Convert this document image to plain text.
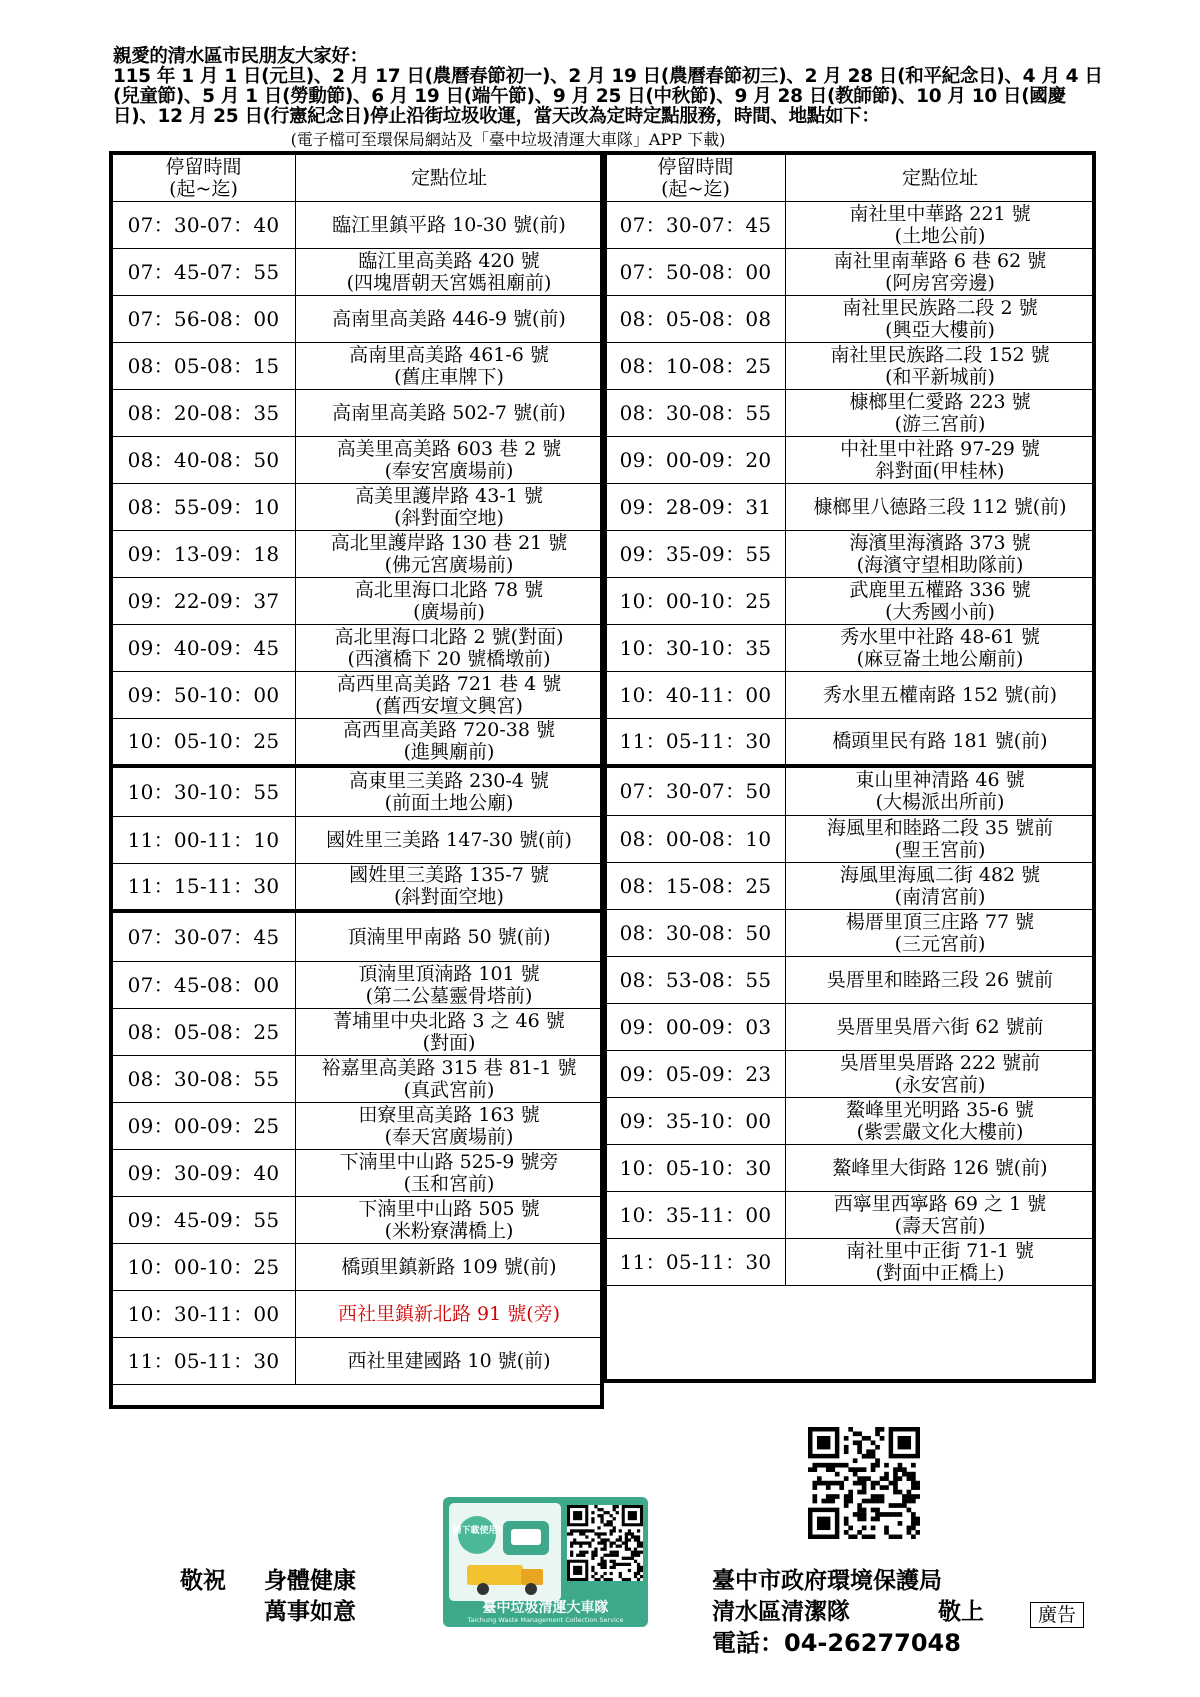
親愛的清水區市民朋友大家好：

115 年 1 月 1 日(元旦)、2 月 17 日(農曆春節初一)、2 月 19 日(農曆春節初三)、2 月 28 日(和平紀念日)、4 月 4 日(兒童節)、5 月 1 日(勞動節)、6 月 19 日(端午節)、9 月 25 日(中秋節)、9 月 28 日(教師節)、10 月 10 日(國慶日)、12 月 25 日(行憲紀念日)停止沿街垃圾收運，當天改為定時定點服務，時間、地點如下：

(電子檔可至環保局網站及「臺中垃圾清運大車隊」APP 下載)
停留時間
(起~迄)	定點位址
07：30-07：40	臨江里鎮平路 10-30 號(前)

07：45-07：55	臨江里高美路 420 號
(四塊厝朝天宮媽祖廟前)

07：56-08：00	高南里高美路 446-9 號(前)

08：05-08：15	高南里高美路 461-6 號
(舊庄車牌下)

08：20-08：35	高南里高美路 502-7 號(前)

08：40-08：50	高美里高美路 603 巷 2 號
(奉安宮廣場前)

08：55-09：10	高美里護岸路 43-1 號
(斜對面空地)

09：13-09：18	高北里護岸路 130 巷 21 號
(佛元宮廣場前)

09：22-09：37	高北里海口北路 78 號
(廣場前)

09：40-09：45	高北里海口北路 2 號(對面)
(西濱橋下 20 號橋墩前)

09：50-10：00	高西里高美路 721 巷 4 號
(舊西安壇文興宮)

10：05-10：25	高西里高美路 720-38 號
(進興廟前)

10：30-10：55	高東里三美路 230-4 號
(前面土地公廟)

11：00-11：10	國姓里三美路 147-30 號(前)

11：15-11：30	國姓里三美路 135-7 號
(斜對面空地)

07：30-07：45	頂湳里甲南路 50 號(前)

07：45-08：00	頂湳里頂湳路 101 號
(第二公墓靈骨塔前)

08：05-08：25	菁埔里中央北路 3 之 46 號
(對面)

08：30-08：55	裕嘉里高美路 315 巷 81-1 號
(真武宮前)

09：00-09：25	田寮里高美路 163 號
(奉天宮廣場前)

09：30-09：40	下湳里中山路 525-9 號旁
(玉和宮前)

09：45-09：55	下湳里中山路 505 號
(米粉寮溝橋上)

10：00-10：25	橋頭里鎮新路 109 號(前)

10：30-11：00	西社里鎮新北路 91 號(旁)

11：05-11：30	西社里建國路 10 號(前)
停留時間
(起~迄)	定點位址
07：30-07：45	南社里中華路 221 號
(土地公前)

07：50-08：00	南社里南華路 6 巷 62 號
(阿房宮旁邊)

08：05-08：08	南社里民族路二段 2 號
(興亞大樓前)

08：10-08：25	南社里民族路二段 152 號
(和平新城前)

08：30-08：55	槺榔里仁愛路 223 號
(游三宮前)

09：00-09：20	中社里中社路 97-29 號
斜對面(甲桂林)

09：28-09：31	槺榔里八德路三段 112 號(前)

09：35-09：55	海濱里海濱路 373 號
(海濱守望相助隊前)

10：00-10：25	武鹿里五權路 336 號
(大秀國小前)

10：30-10：35	秀水里中社路 48-61 號
(麻豆崙土地公廟前)

10：40-11：00	秀水里五權南路 152 號(前)

11：05-11：30	橋頭里民有路 181 號(前)

07：30-07：50	東山里神清路 46 號
(大楊派出所前)

08：00-08：10	海風里和睦路二段 35 號前
(聖王宮前)

08：15-08：25	海風里海風二街 482 號
(南清宮前)

08：30-08：50	楊厝里頂三庄路 77 號
(三元宮前)

08：53-08：55	吳厝里和睦路三段 26 號前

09：00-09：03	吳厝里吳厝六街 62 號前

09：05-09：23	吳厝里吳厝路 222 號前
(永安宮前)

09：35-10：00	鰲峰里光明路 35-6 號
(紫雲嚴文化大樓前)

10：05-10：30	鰲峰里大街路 126 號(前)

10：35-11：00	西寧里西寧路 69 之 1 號
(壽天宮前)

11：05-11：30	南社里中正街 71-1 號
(對面中正橋上)
請下載使用!
臺中垃圾清運大車隊
Taichung Waste Management Collection Service
敬祝 身體健康
萬事如意
臺中市政府環境保護局
清水區清潔隊	敬上
電話：04-26277048
廣告
